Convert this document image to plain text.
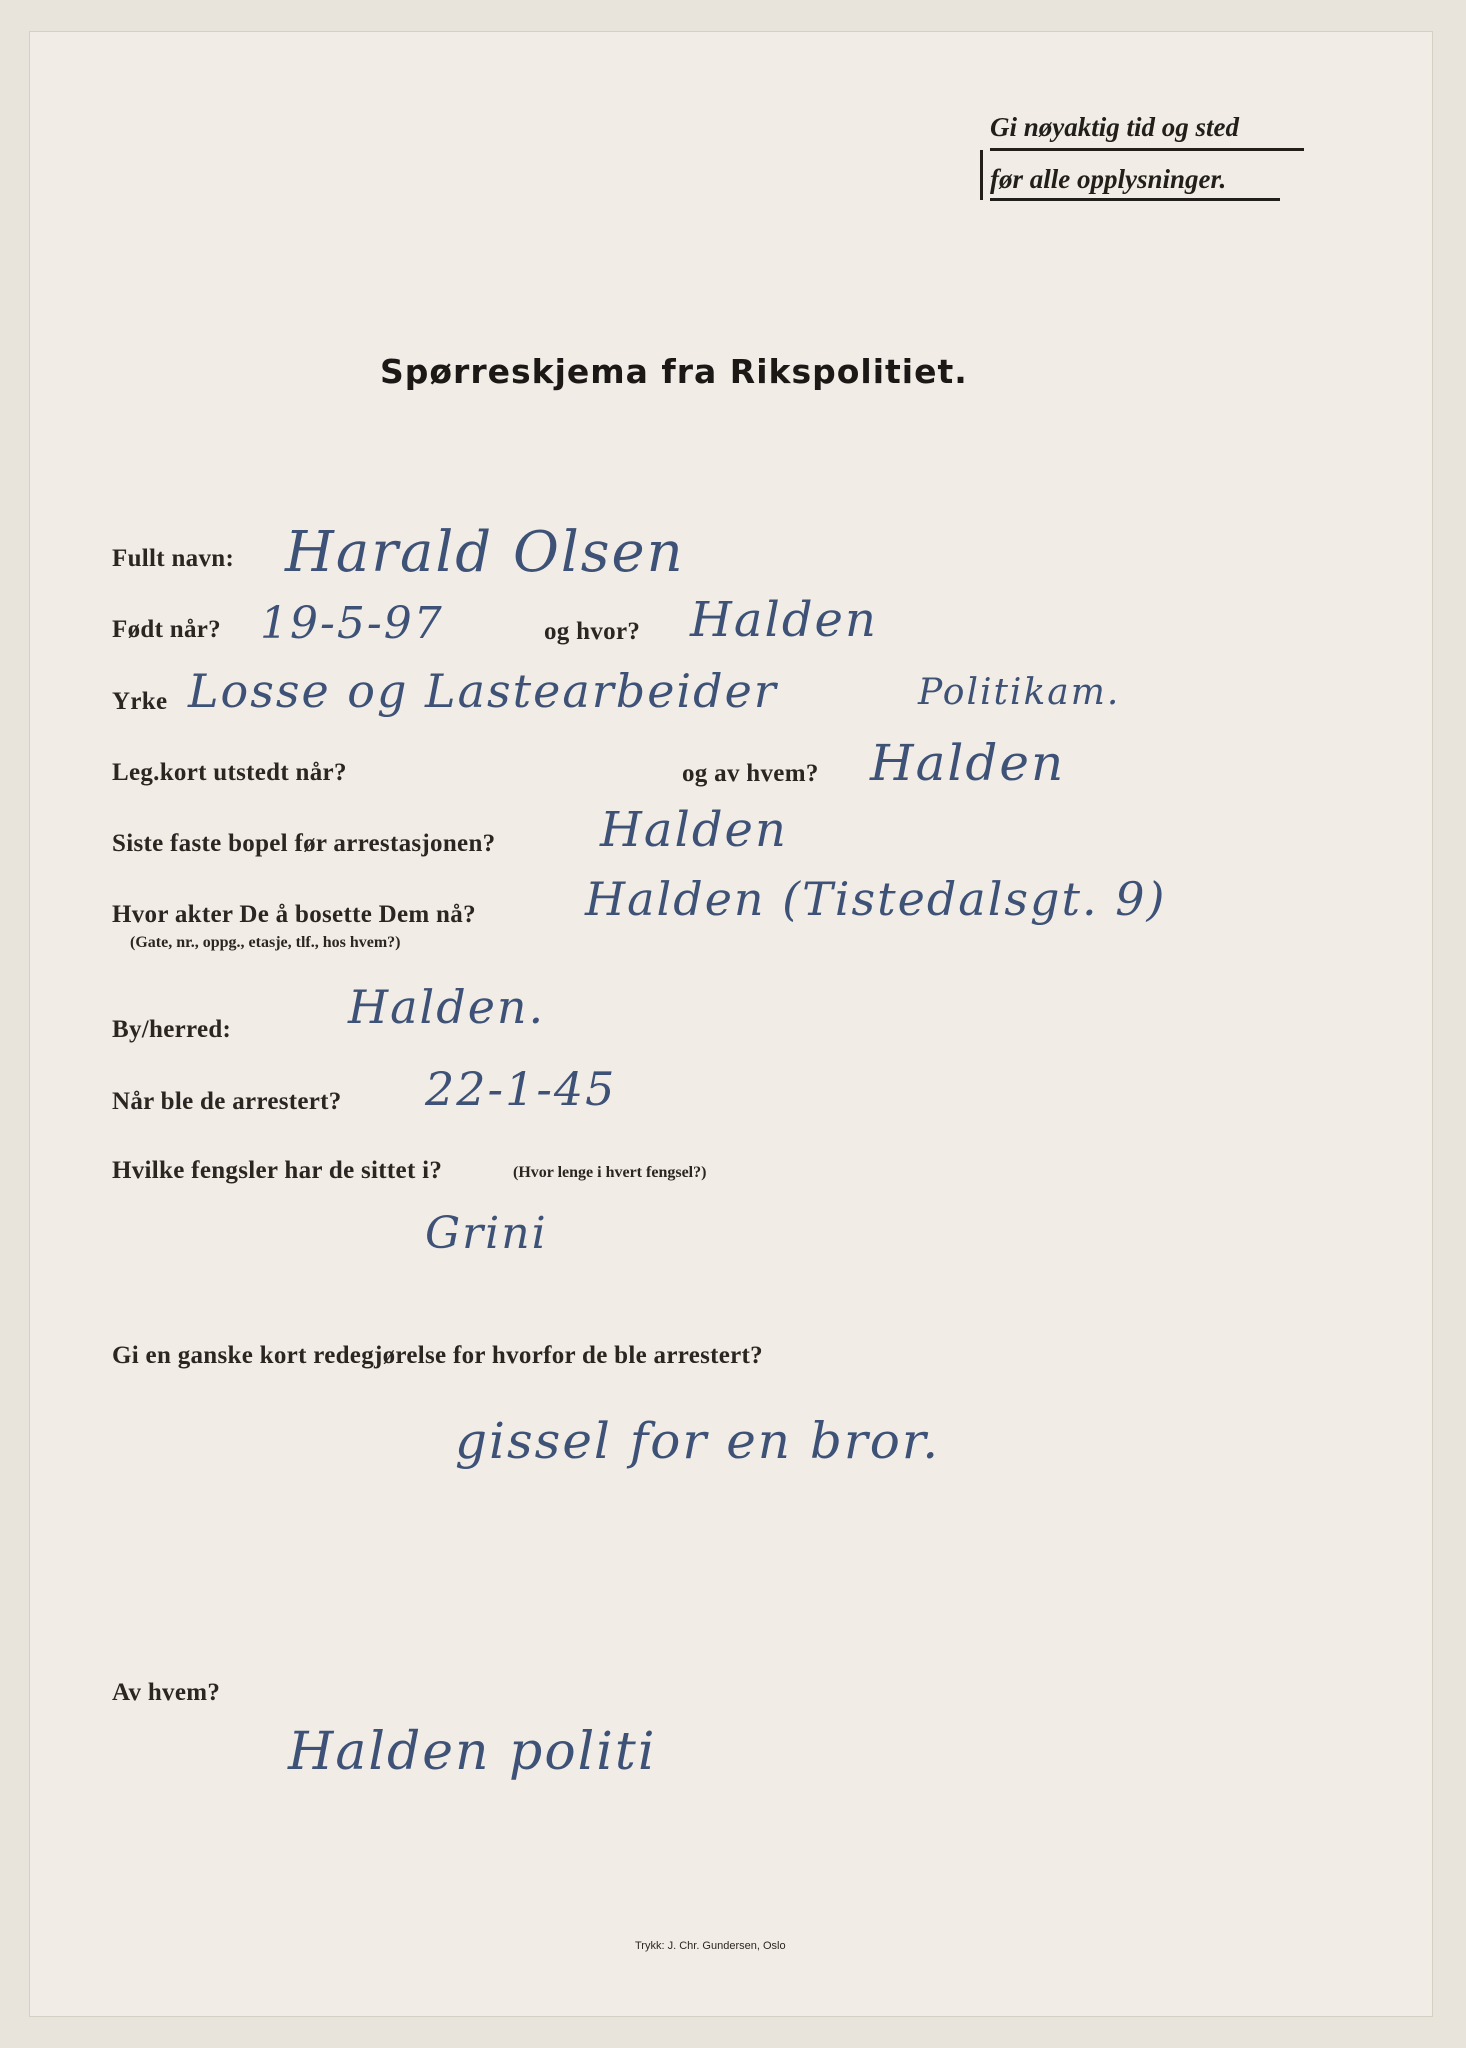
Gi nøyaktig tid og sted
før alle opplysninger.
Spørreskjema fra Rikspolitiet.
Fullt navn: Harald Olsen
Født når? 19-5-97	og hvor? Halden
Yrke Losse og Lastearbeider	Politikam.
Leg.kort utstedt når?	og av hvem? Halden
Siste faste bopel før arrestasjonen? Halden
Hvor akter De å bosette Dem nå?
(Gate, nr., oppg., etasje, tlf., hos hvem?)
Halden (Tistedalsgt. 9)
By/herred:	Halden.
Når ble de arrestert? 22-1-45
Hvilke fengsler har de sittet i?	(Hvor lenge i hvert fengsel?)
Grini
Gi en ganske kort redegjørelse for hvorfor de ble arrestert?
gissel for en bror.
Av hvem?
Halden politi
Trykk: J. Chr. Gundersen, Oslo
